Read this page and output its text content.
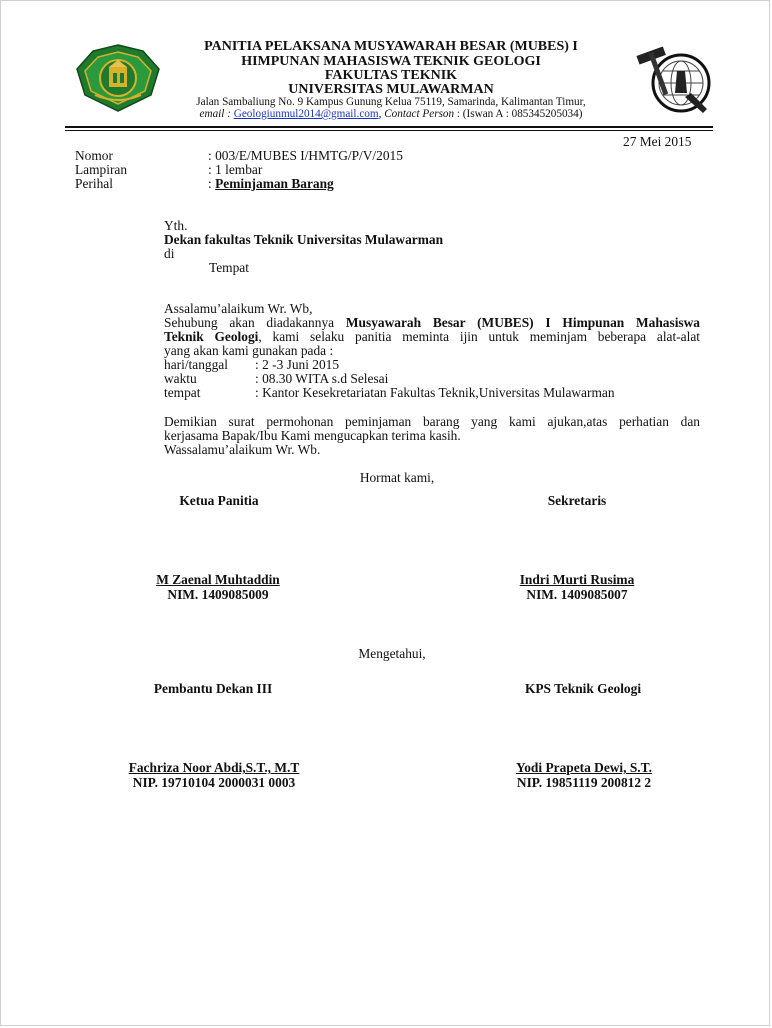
PANITIA PELAKSANA MUSYAWARAH BESAR (MUBES) I
HIMPUNAN MAHASISWA TEKNIK GEOLOGI
FAKULTAS TEKNIK
UNIVERSITAS MULAWARMAN
Jalan Sambaliung No. 9 Kampus Gunung Kelua 75119, Samarinda, Kalimantan Timur,
email : Geologiunmul2014@gmail.com, Contact Person : (Iswan A : 085345205034)
27 Mei 2015
Nomor	: 003/E/MUBES I/HMTG/P/V/2015
Lampiran	: 1 lembar
Perihal	: Peminjaman Barang
Yth.
Dekan fakultas Teknik Universitas Mulawarman
di
Tempat
Assalamu’alaikum Wr. Wb,
Sehubung akan diadakannya Musyawarah Besar (MUBES) I Himpunan Mahasiswa
Teknik Geologi, kami selaku panitia meminta ijin untuk meminjam beberapa alat-alat
yang akan kami gunakan pada :
hari/tanggal : 2 -3 Juni 2015
waktu	: 08.30 WITA s.d Selesai
tempat	: Kantor Kesekretariatan Fakultas Teknik,Universitas Mulawarman
Demikian surat permohonan peminjaman barang yang kami ajukan,atas perhatian dan
kerjasama Bapak/Ibu Kami mengucapkan terima kasih.
Wassalamu’alaikum Wr. Wb.
Hormat kami,
Ketua Panitia	Sekretaris
M Zaenal Muhtaddin
NIM. 1409085009
Indri Murti Rusima
NIM. 1409085007
Mengetahui,
Pembantu Dekan III	KPS Teknik Geologi
Fachriza Noor Abdi,S.T., M.T
NIP. 19710104 2000031 0003
Yodi Prapeta Dewi, S.T.
NIP. 19851119 200812 2
